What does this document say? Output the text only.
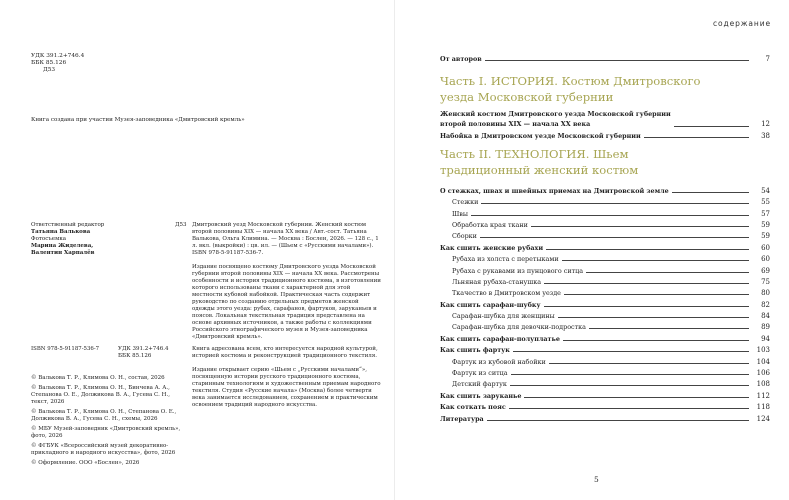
УДК 391.2+746.4
ББК 85.126
Д53
Книга создана при участии Музея-заповедника «Дмитровский кремль»
Ответственный редактор
Татьяна Валькова
Фотосъемка
Марина Жиделева,
Валентин Харпалёв
Д53 Дмитровский уезд Московской губернии. Женский костюм второй половины XIX — начала XX века / Авт.-сост. Татьяна Валькова, Ольга Климина. — Москва : Бослен, 2026. — 128 с., 1 л. вкл. (выкройки) : цв. ил. — (Шьем с «Русскими началами»). ISBN 978-5-91187-536-7.

Издание посвящено костюму Дмитровского уезда Московской губернии второй половины XIX — начала XX века. Рассмотрены особенности и история традиционного костюма, в изготовлении которого использованы ткани с характерной для этой местности кубовой набойкой. Практическая часть содержит руководство по созданию отдельных предметов женской одежды этого уезда: рубах, сарафанов, фартуков, заруканьев и поясов. Локальная текстильная традиция представлена на основе архивных источников, а также работы с коллекциями Российского этнографического музея и Музея-заповедника «Дмитровский кремль».

ISBN 978-5-91187-536-7	УДК 391.2+746.4
ББК 85.126

© Валькова Т. Р., Климова О. Н., состав, 2026

© Валькова Т. Р., Климова О. Н., Бинчева А. А., Степанова О. Е., Должикова В. А., Гусева С. Н., текст, 2026

© Валькова Т. Р., Климова О. Н., Степанова О. Е., Должикова В. А., Гусева С. Н., схемы, 2026

© МБУ Музей-заповедник «Дмитровский кремль», фото, 2026

© ФГБУК «Всероссийский музей декоративно-прикладного и народного искусства», фото, 2026

© Оформление. ООО «Бослен», 2026

Книга адресована всем, кто интересуется народной культурой, историей костюма и реконструкцией традиционного текстиля.

Издание открывает серию «Шьем с „Русскими началами“», посвященную истории русского традиционного костюма, старинным технологиям и художественным приемам народного текстиля. Студия «Русские начала» (Москва) более четверти века занимается исследованием, сохранением и практическим освоением традиций народного искусства.

содержание
От авторов	7
Часть I. ИСТОРИЯ. Костюм Дмитровского
уезда Московской губернии
Женский костюм Дмитровского уезда Московской губернии
второй половины XIX — начала XX века	12
Набойка в Дмитровском уезде Московской губернии	38
Часть II. ТЕХНОЛОГИЯ. Шьем
традиционный женский костюм
О стежках, швах и швейных приемах на Дмитровской земле	54
Стежки	55
Швы	57
Обработка края ткани	59
Сборки	59
Как сшить женские рубахи	60
Рубаха из холста с перетыками	60
Рубаха с рукавами из пунцового ситца	69
Льняная рубаха-станушка	75
Ткачество в Дмитровском уезде	80
Как сшить сарафан-шубку	82
Сарафан-шубка для женщины	84
Сарафан-шубка для девочки-подростка	89
Как сшить сарафан-полуплатье	94
Как сшить фартук	103
Фартук из кубовой набойки	104
Фартук из ситца	106
Детский фартук	108
Как сшить заруканье	112
Как соткать пояс	118
Литература	124
5
